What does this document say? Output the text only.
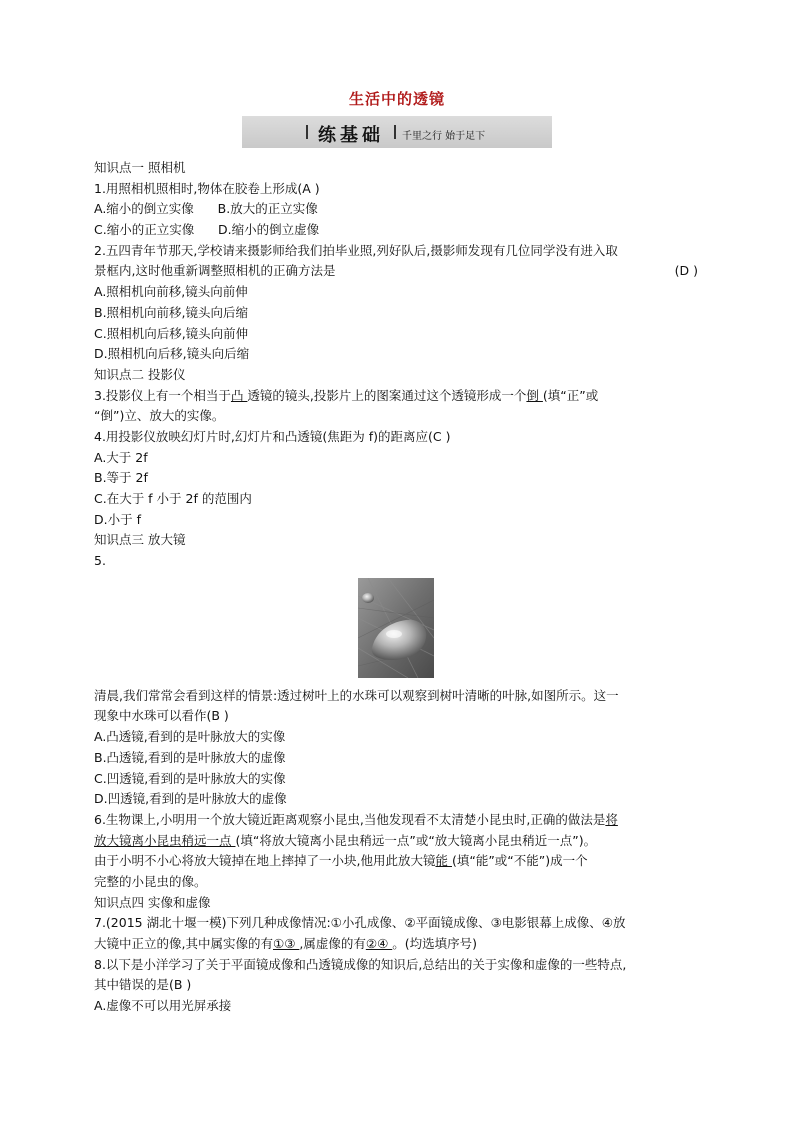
生活中的透镜
练基础 千里之行 始于足下
知识点一 照相机
1.用照相机照相时,物体在胶卷上形成(A )
A.缩小的倒立实像 B.放大的正立实像
C.缩小的正立实像 D.缩小的倒立虚像
2.五四青年节那天,学校请来摄影师给我们拍毕业照,列好队后,摄影师发现有几位同学没有进入取
景框内,这时他重新调整照相机的正确方法是	(D )
A.照相机向前移,镜头向前伸
B.照相机向前移,镜头向后缩
C.照相机向后移,镜头向前伸
D.照相机向后移,镜头向后缩
知识点二 投影仪
3.投影仪上有一个相当于凸 透镜的镜头,投影片上的图案通过这个透镜形成一个倒 (填“正”或
“倒”)立、放大的实像。
4.用投影仪放映幻灯片时,幻灯片和凸透镜(焦距为 f)的距离应(C )
A.大于 2f
B.等于 2f
C.在大于 f 小于 2f 的范围内
D.小于 f
知识点三 放大镜
5.
清晨,我们常常会看到这样的情景:透过树叶上的水珠可以观察到树叶清晰的叶脉,如图所示。这一
现象中水珠可以看作(B )
A.凸透镜,看到的是叶脉放大的实像
B.凸透镜,看到的是叶脉放大的虚像
C.凹透镜,看到的是叶脉放大的实像
D.凹透镜,看到的是叶脉放大的虚像
6.生物课上,小明用一个放大镜近距离观察小昆虫,当他发现看不太清楚小昆虫时,正确的做法是将
放大镜离小昆虫稍远一点 (填“将放大镜离小昆虫稍远一点”或“放大镜离小昆虫稍近一点”)。
由于小明不小心将放大镜掉在地上摔掉了一小块,他用此放大镜能 (填“能”或“不能”)成一个
完整的小昆虫的像。
知识点四 实像和虚像
7.(2015 湖北十堰一模)下列几种成像情况:①小孔成像、②平面镜成像、③电影银幕上成像、④放
大镜中正立的像,其中属实像的有①③ ,属虚像的有②④ 。(均选填序号)
8.以下是小洋学习了关于平面镜成像和凸透镜成像的知识后,总结出的关于实像和虚像的一些特点,
其中错误的是(B )
A.虚像不可以用光屏承接
